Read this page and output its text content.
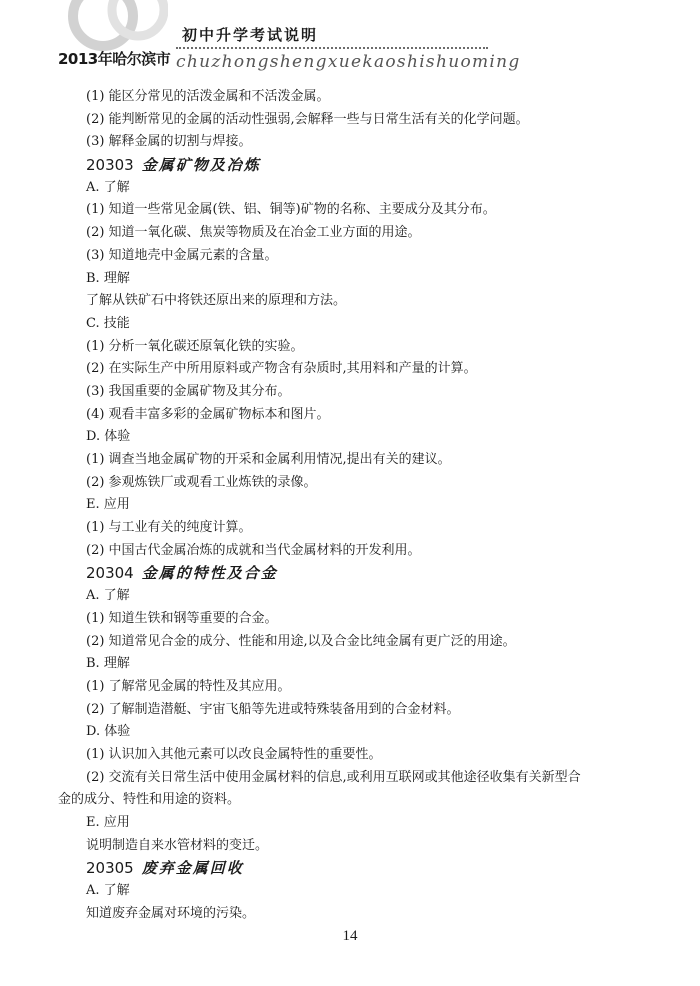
2013年哈尔滨市
初中升学考试说明
chuzhongshengxuekaoshishuoming
(1) 能区分常见的活泼金属和不活泼金属。
(2) 能判断常见的金属的活动性强弱,会解释一些与日常生活有关的化学问题。
(3) 解释金属的切割与焊接。
20303 金属矿物及冶炼
A. 了解
(1) 知道一些常见金属(铁、铝、铜等)矿物的名称、主要成分及其分布。
(2) 知道一氧化碳、焦炭等物质及在冶金工业方面的用途。
(3) 知道地壳中金属元素的含量。
B. 理解
了解从铁矿石中将铁还原出来的原理和方法。
C. 技能
(1) 分析一氧化碳还原氧化铁的实验。
(2) 在实际生产中所用原料或产物含有杂质时,其用料和产量的计算。
(3) 我国重要的金属矿物及其分布。
(4) 观看丰富多彩的金属矿物标本和图片。
D. 体验
(1) 调查当地金属矿物的开采和金属利用情况,提出有关的建议。
(2) 参观炼铁厂或观看工业炼铁的录像。
E. 应用
(1) 与工业有关的纯度计算。
(2) 中国古代金属冶炼的成就和当代金属材料的开发利用。
20304 金属的特性及合金
A. 了解
(1) 知道生铁和钢等重要的合金。
(2) 知道常见合金的成分、性能和用途,以及合金比纯金属有更广泛的用途。
B. 理解
(1) 了解常见金属的特性及其应用。
(2) 了解制造潜艇、宇宙飞船等先进或特殊装备用到的合金材料。
D. 体验
(1) 认识加入其他元素可以改良金属特性的重要性。
(2) 交流有关日常生活中使用金属材料的信息,或利用互联网或其他途径收集有关新型合
金的成分、特性和用途的资料。
E. 应用
说明制造自来水管材料的变迁。
20305 废弃金属回收
A. 了解
知道废弃金属对环境的污染。
14
